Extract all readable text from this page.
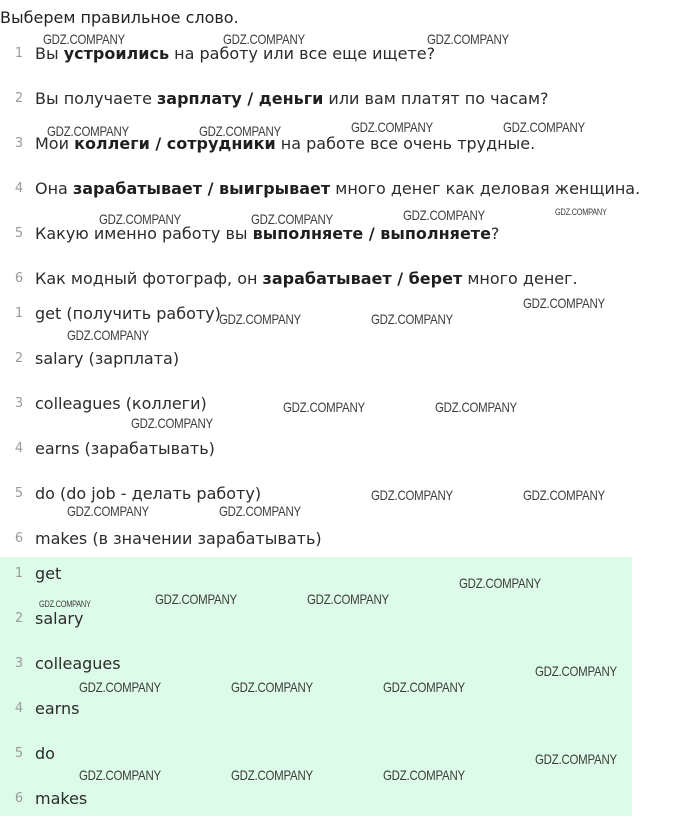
Выберем правильное слово.
1 Вы устроились на работу или все еще ищете?
2 Вы получаете зарплату / деньги или вам платят по часам?
3 Мои коллеги / сотрудники на работе все очень трудные.
4 Она зарабатывает / выигрывает много денег как деловая женщина.
5 Какую именно работу вы выполняете / выполняете?
6 Как модный фотограф, он зарабатывает / берет много денег.
1 get (получить работу)
2 salary (зарплата)
3 colleagues (коллеги)
4 earns (зарабатывать)
5 do (do job - делать работу)
6 makes (в значении зарабатывать)
1 get
2 salary
3 colleagues
4 earns
5 do
6 makes
GDZ.COMPANY	GDZ.COMPANY	GDZ.COMPANY
GDZ.COMPANY	GDZ.COMPANY	GDZ.COMPANY	GDZ.COMPANY
GDZ.COMPANY	GDZ.COMPANY	GDZ.COMPANY	GDZ.COMPANY
GDZ.COMPANY
GDZ.COMPANY	GDZ.COMPANY
GDZ.COMPANY
GDZ.COMPANY	GDZ.COMPANY
GDZ.COMPANY
GDZ.COMPANY	GDZ.COMPANY
GDZ.COMPANY	GDZ.COMPANY
GDZ.COMPANY
GDZ.COMPANY	GDZ.COMPANY
GDZ.COMPANY
GDZ.COMPANY
GDZ.COMPANY	GDZ.COMPANY	GDZ.COMPANY
GDZ.COMPANY
GDZ.COMPANY	GDZ.COMPANY	GDZ.COMPANY
